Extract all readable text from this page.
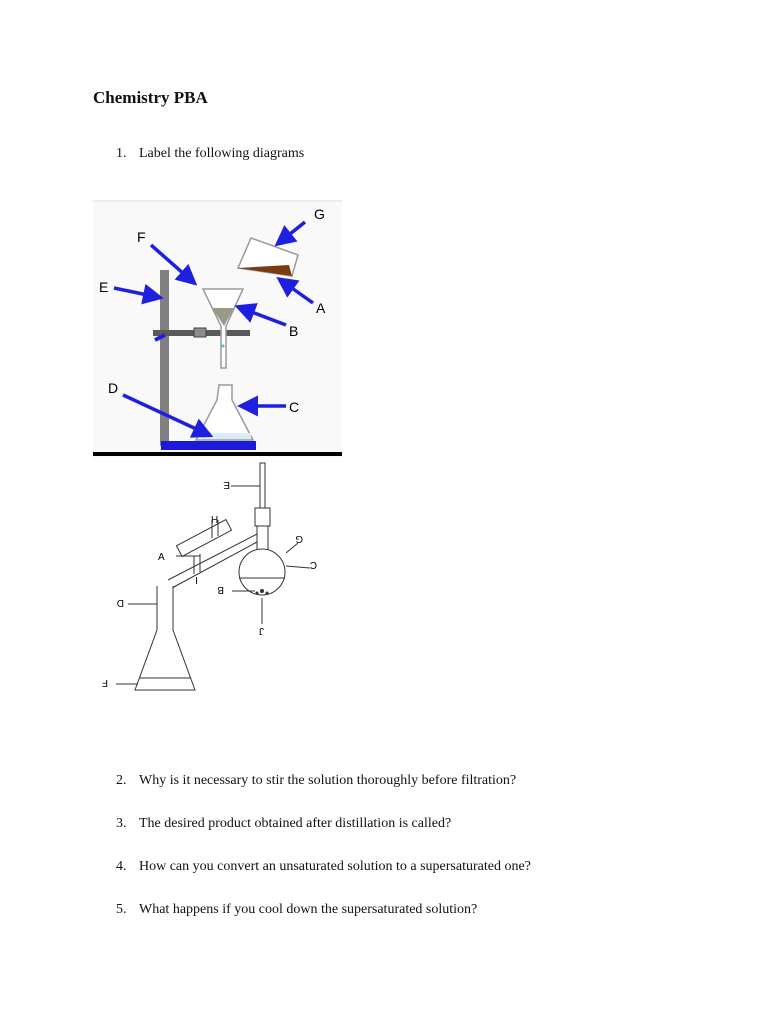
Chemistry PBA
1. Label the following diagrams
G
A
B
C
D
E
F
E
H
A
I
B
D
F
G
C
J
2. Why is it necessary to stir the solution thoroughly before filtration?
3. The desired product obtained after distillation is called?
4. How can you convert an unsaturated solution to a supersaturated one?
5. What happens if you cool down the supersaturated solution?
